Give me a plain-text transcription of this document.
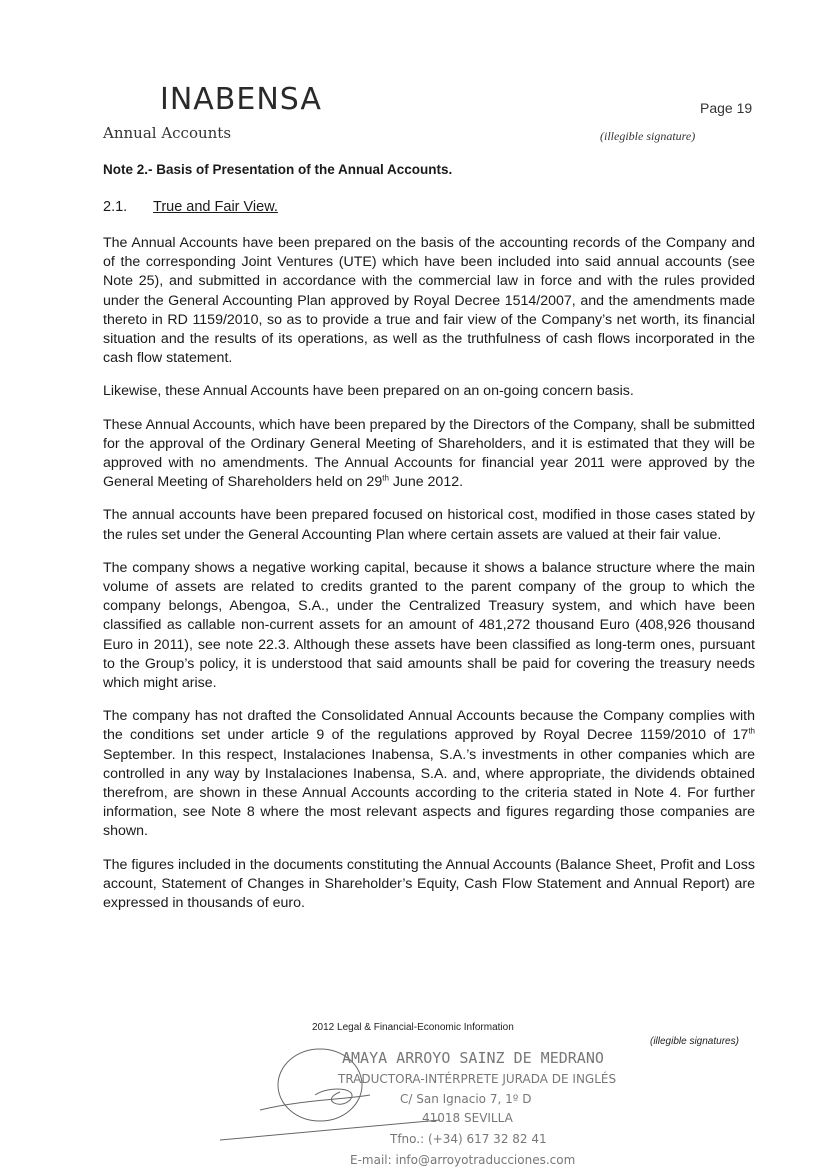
INABENSA
Annual Accounts
Page 19
(illegible signature)
Note 2.- Basis of Presentation of the Annual Accounts.
2.1. True and Fair View.

The Annual Accounts have been prepared on the basis of the accounting records of the Company and of the corresponding Joint Ventures (UTE) which have been included into said annual accounts (see Note 25), and submitted in accordance with the commercial law in force and with the rules provided under the General Accounting Plan approved by Royal Decree 1514/2007, and the amendments made thereto in RD 1159/2010, so as to provide a true and fair view of the Company’s net worth, its financial situation and the results of its operations, as well as the truthfulness of cash flows incorporated in the cash flow statement.

Likewise, these Annual Accounts have been prepared on an on-going concern basis.

These Annual Accounts, which have been prepared by the Directors of the Company, shall be submitted for the approval of the Ordinary General Meeting of Shareholders, and it is estimated that they will be approved with no amendments. The Annual Accounts for financial year 2011 were approved by the General Meeting of Shareholders held on 29th June 2012.

The annual accounts have been prepared focused on historical cost, modified in those cases stated by the rules set under the General Accounting Plan where certain assets are valued at their fair value.

The company shows a negative working capital, because it shows a balance structure where the main volume of assets are related to credits granted to the parent company of the group to which the company belongs, Abengoa, S.A., under the Centralized Treasury system, and which have been classified as callable non-current assets for an amount of 481,272 thousand Euro (408,926 thousand Euro in 2011), see note 22.3. Although these assets have been classified as long-term ones, pursuant to the Group’s policy, it is understood that said amounts shall be paid for covering the treasury needs which might arise.

The company has not drafted the Consolidated Annual Accounts because the Company complies with the conditions set under article 9 of the regulations approved by Royal Decree 1159/2010 of 17th September. In this respect, Instalaciones Inabensa, S.A.’s investments in other companies which are controlled in any way by Instalaciones Inabensa, S.A. and, where appropriate, the dividends obtained therefrom, are shown in these Annual Accounts according to the criteria stated in Note 4. For further information, see Note 8 where the most relevant aspects and figures regarding those companies are shown.

The figures included in the documents constituting the Annual Accounts (Balance Sheet, Profit and Loss account, Statement of Changes in Shareholder’s Equity, Cash Flow Statement and Annual Report) are expressed in thousands of euro.

2012 Legal & Financial-Economic Information
(illegible signatures)
AMAYA ARROYO SAINZ DE MEDRANO
TRADUCTORA-INTÉRPRETE JURADA DE INGLÉS
C/ San Ignacio 7, 1º D
41018 SEVILLA
Tfno.: (+34) 617 32 82 41
E-mail: info@arroyotraducciones.com
